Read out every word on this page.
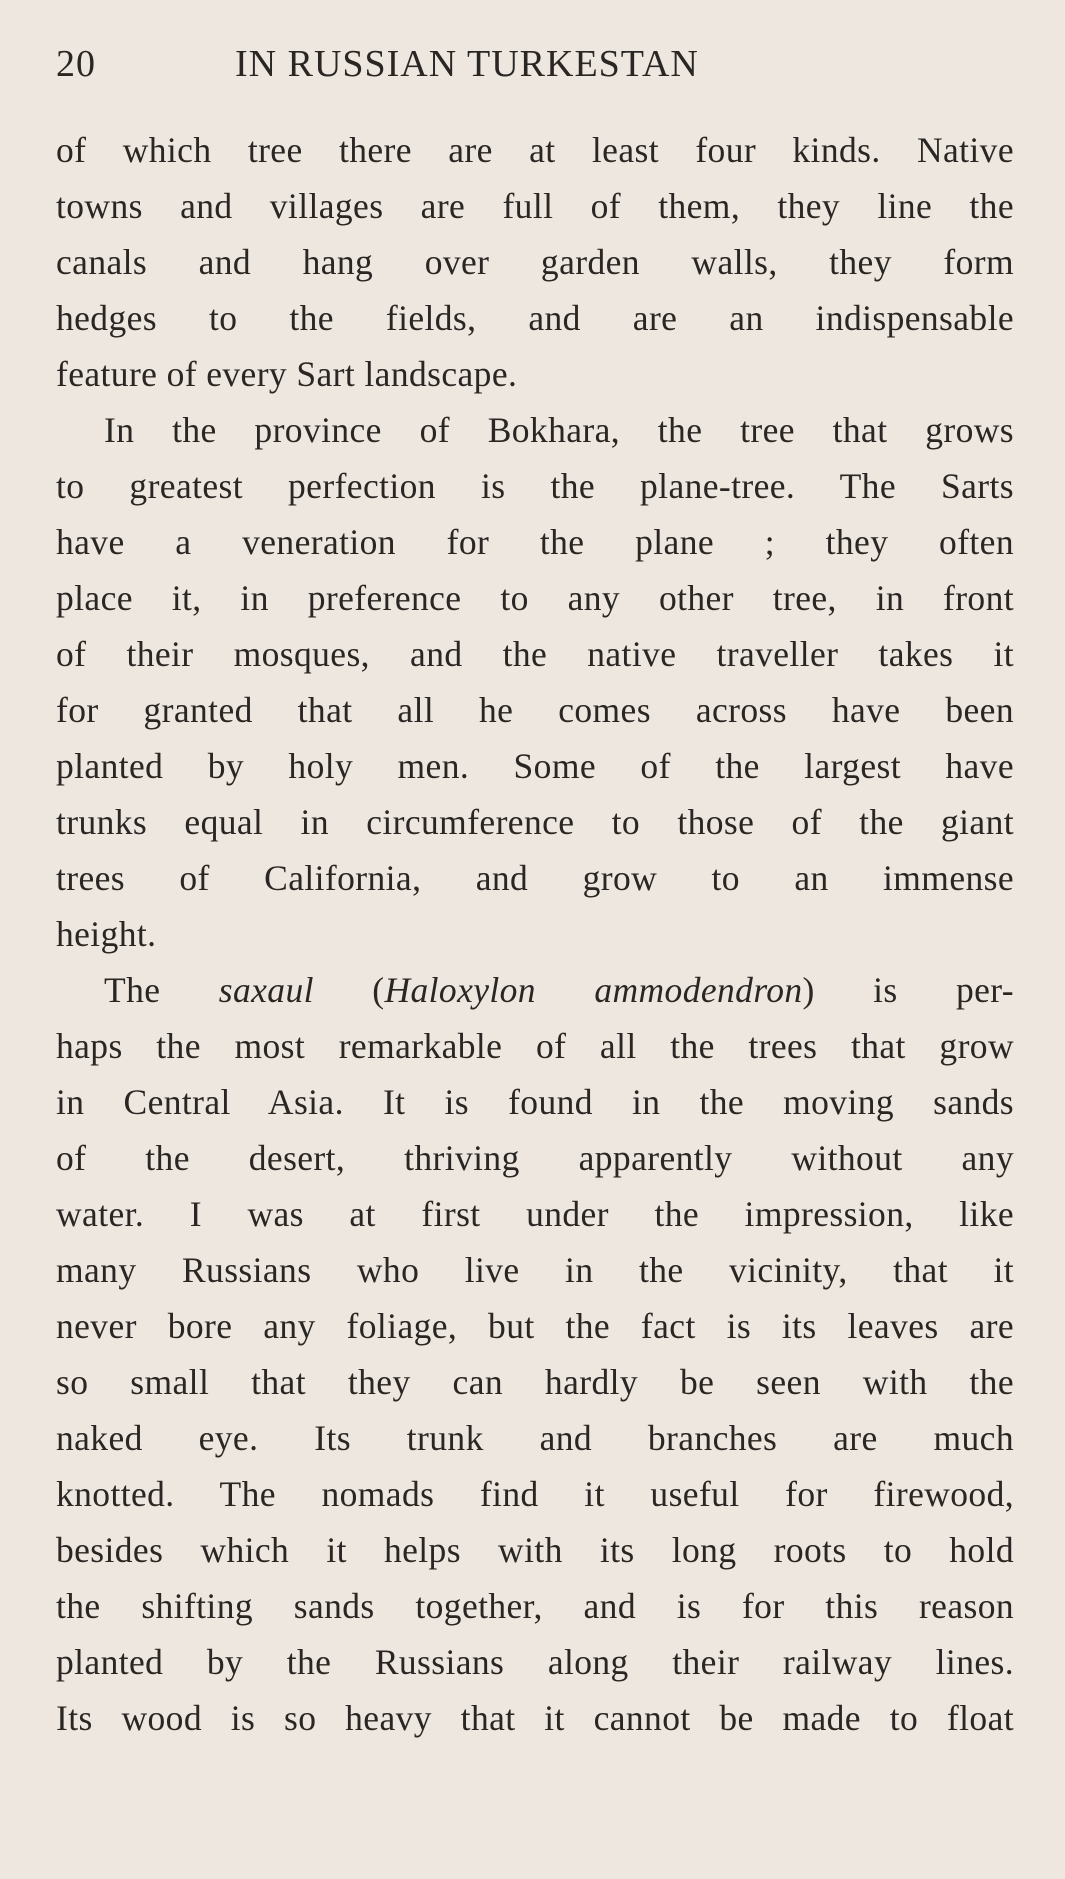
20	IN RUSSIAN TURKESTAN
of which tree there are at least four kinds. Native
towns and villages are full of them, they line the
canals and hang over garden walls, they form
hedges to the fields, and are an indispensable
feature of every Sart landscape.
In the province of Bokhara, the tree that grows
to greatest perfection is the plane-tree. The Sarts
have a veneration for the plane ; they often
place it, in preference to any other tree, in front
of their mosques, and the native traveller takes it
for granted that all he comes across have been
planted by holy men. Some of the largest have
trunks equal in circumference to those of the giant
trees of California, and grow to an immense
height.
The saxaul (Haloxylon ammodendron) is per-
haps the most remarkable of all the trees that grow
in Central Asia. It is found in the moving sands
of the desert, thriving apparently without any
water. I was at first under the impression, like
many Russians who live in the vicinity, that it
never bore any foliage, but the fact is its leaves are
so small that they can hardly be seen with the
naked eye. Its trunk and branches are much
knotted. The nomads find it useful for firewood,
besides which it helps with its long roots to hold
the shifting sands together, and is for this reason
planted by the Russians along their railway lines.
Its wood is so heavy that it cannot be made to float
